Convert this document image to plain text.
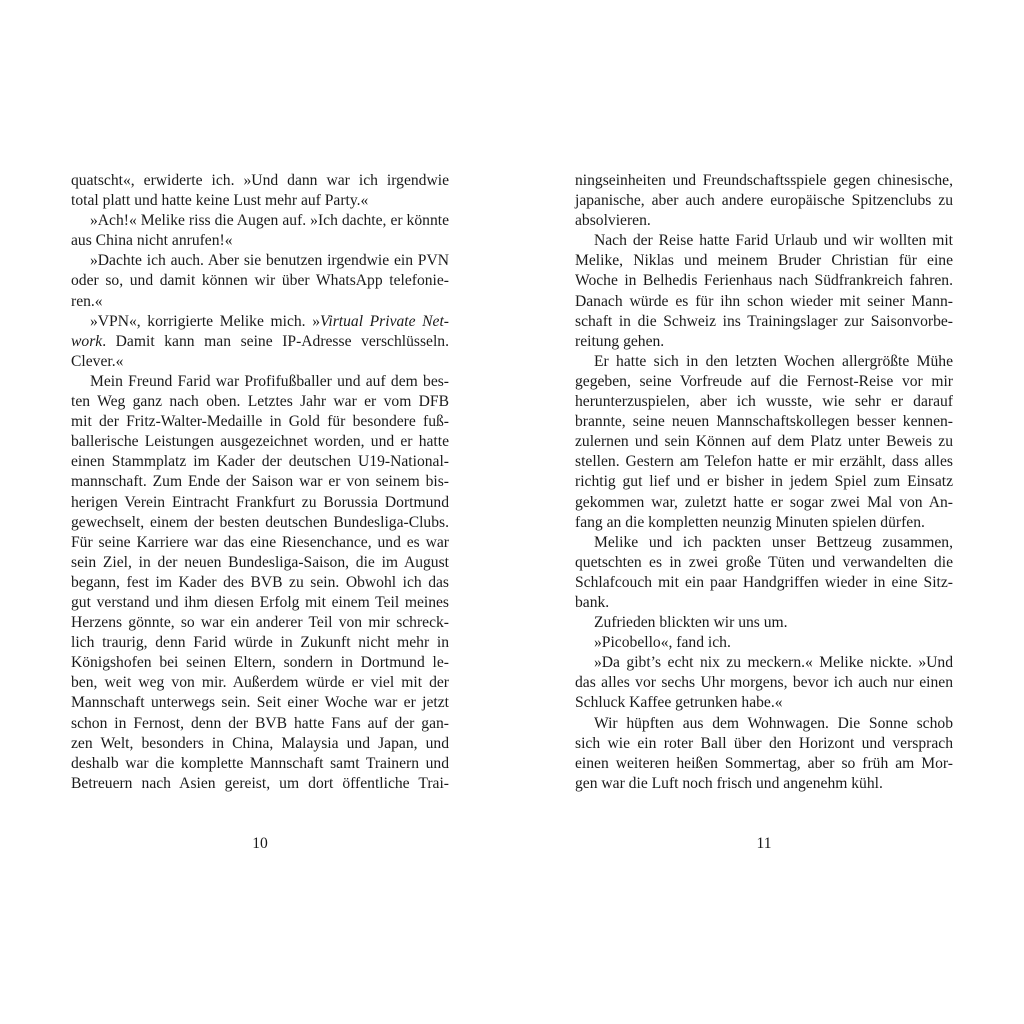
quatscht«, erwiderte ich. »Und dann war ich irgendwie
total platt und hatte keine Lust mehr auf Party.«
»Ach!« Melike riss die Augen auf. »Ich dachte, er könnte
aus China nicht anrufen!«
»Dachte ich auch. Aber sie benutzen irgendwie ein PVN
oder so, und damit können wir über WhatsApp telefonie-
ren.«
»VPN«, korrigierte Melike mich. »Virtual Private Net-
work. Damit kann man seine IP-Adresse verschlüsseln.
Clever.«
Mein Freund Farid war Profifußballer und auf dem bes-
ten Weg ganz nach oben. Letztes Jahr war er vom DFB
mit der Fritz-Walter-Medaille in Gold für besondere fuß-
ballerische Leistungen ausgezeichnet worden, und er hatte
einen Stammplatz im Kader der deutschen U19-National-
mannschaft. Zum Ende der Saison war er von seinem bis-
herigen Verein Eintracht Frankfurt zu Borussia Dortmund
gewechselt, einem der besten deutschen Bundesliga-Clubs.
Für seine Karriere war das eine Riesenchance, und es war
sein Ziel, in der neuen Bundesliga-Saison, die im August
begann, fest im Kader des BVB zu sein. Obwohl ich das
gut verstand und ihm diesen Erfolg mit einem Teil meines
Herzens gönnte, so war ein anderer Teil von mir schreck-
lich traurig, denn Farid würde in Zukunft nicht mehr in
Königshofen bei seinen Eltern, sondern in Dortmund le-
ben, weit weg von mir. Außerdem würde er viel mit der
Mannschaft unterwegs sein. Seit einer Woche war er jetzt
schon in Fernost, denn der BVB hatte Fans auf der gan-
zen Welt, besonders in China, Malaysia und Japan, und
deshalb war die komplette Mannschaft samt Trainern und
Betreuern nach Asien gereist, um dort öffentliche Trai-
10
ningseinheiten und Freundschaftsspiele gegen chinesische,
japanische, aber auch andere europäische Spitzenclubs zu
absolvieren.
Nach der Reise hatte Farid Urlaub und wir wollten mit
Melike, Niklas und meinem Bruder Christian für eine
Woche in Belhedis Ferienhaus nach Südfrankreich fahren.
Danach würde es für ihn schon wieder mit seiner Mann-
schaft in die Schweiz ins Trainingslager zur Saisonvorbe-
reitung gehen.
Er hatte sich in den letzten Wochen allergrößte Mühe
gegeben, seine Vorfreude auf die Fernost-Reise vor mir
herunterzuspielen, aber ich wusste, wie sehr er darauf
brannte, seine neuen Mannschaftskollegen besser kennen-
zulernen und sein Können auf dem Platz unter Beweis zu
stellen. Gestern am Telefon hatte er mir erzählt, dass alles
richtig gut lief und er bisher in jedem Spiel zum Einsatz
gekommen war, zuletzt hatte er sogar zwei Mal von An-
fang an die kompletten neunzig Minuten spielen dürfen.
Melike und ich packten unser Bettzeug zusammen,
quetschten es in zwei große Tüten und verwandelten die
Schlafcouch mit ein paar Handgriffen wieder in eine Sitz-
bank.
Zufrieden blickten wir uns um.
»Picobello«, fand ich.
»Da gibt’s echt nix zu meckern.« Melike nickte. »Und
das alles vor sechs Uhr morgens, bevor ich auch nur einen
Schluck Kaffee getrunken habe.«
Wir hüpften aus dem Wohnwagen. Die Sonne schob
sich wie ein roter Ball über den Horizont und versprach
einen weiteren heißen Sommertag, aber so früh am Mor-
gen war die Luft noch frisch und angenehm kühl.
11
